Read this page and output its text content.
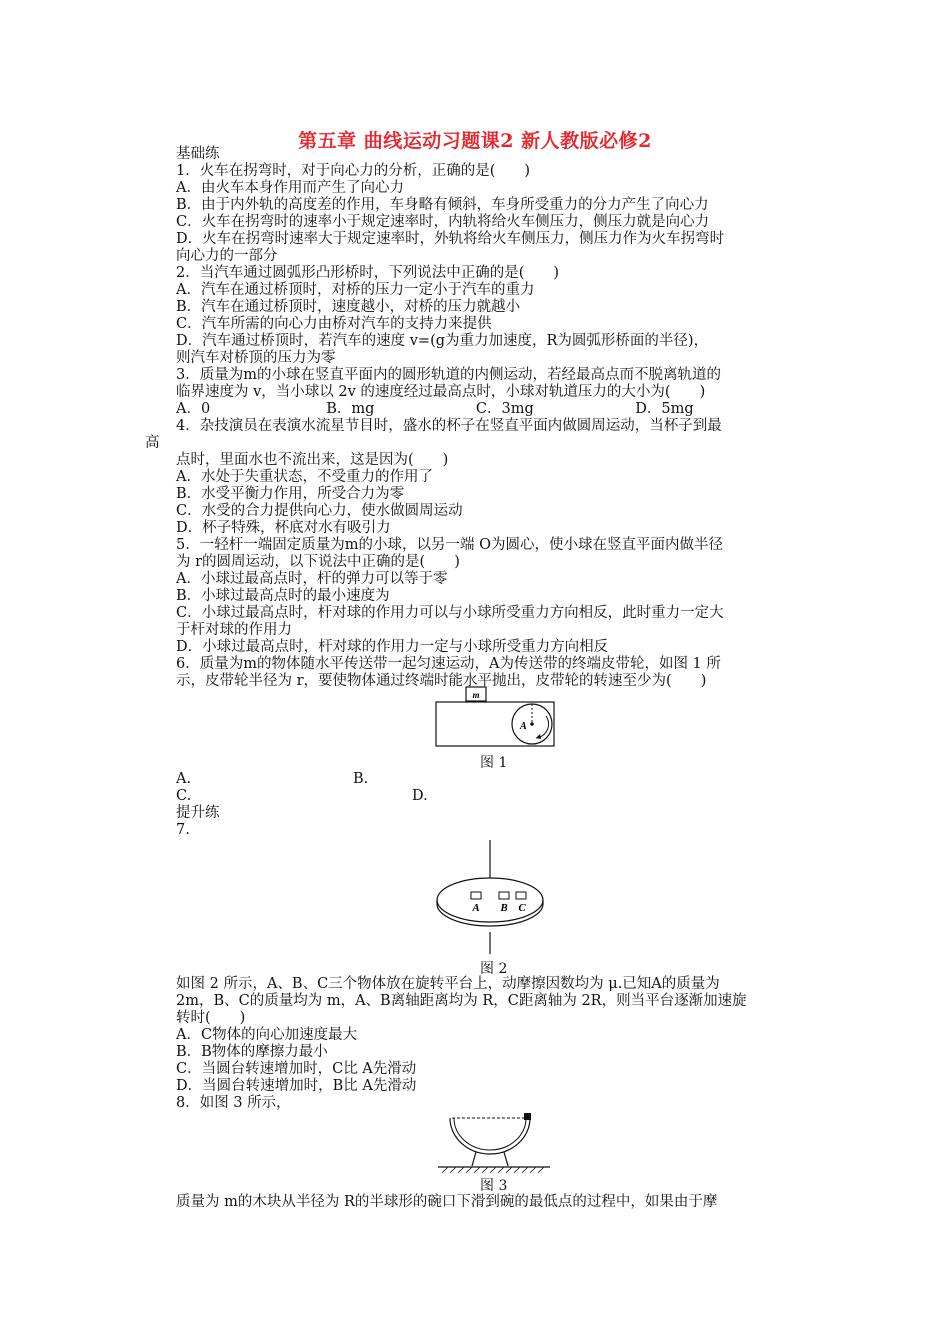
第五章 曲线运动习题课2 新人教版必修2
基础练
1．火车在拐弯时，对于向心力的分析，正确的是(　　)
A．由火车本身作用而产生了向心力
B．由于内外轨的高度差的作用，车身略有倾斜，车身所受重力的分力产生了向心力
C．火车在拐弯时的速率小于规定速率时，内轨将给火车侧压力，侧压力就是向心力
D．火车在拐弯时速率大于规定速率时，外轨将给火车侧压力，侧压力作为火车拐弯时
向心力的一部分
2．当汽车通过圆弧形凸形桥时，下列说法中正确的是(　　)
A．汽车在通过桥顶时，对桥的压力一定小于汽车的重力
B．汽车在通过桥顶时，速度越小，对桥的压力就越小
C．汽车所需的向心力由桥对汽车的支持力来提供
D．汽车通过桥顶时，若汽车的速度 v=(g为重力加速度，R为圆弧形桥面的半径)，
则汽车对桥顶的压力为零
3．质量为m的小球在竖直平面内的圆形轨道的内侧运动，若经最高点而不脱离轨道的
临界速度为 v，当小球以 2v 的速度经过最高点时，小球对轨道压力的大小为(　　)
A．0　　　　　　　　B．mg　　　　　　　C．3mg　　　　　　　D．5mg
4．杂技演员在表演水流星节目时，盛水的杯子在竖直平面内做圆周运动，当杯子到最
高
点时，里面水也不流出来，这是因为(　　)
A．水处于失重状态，不受重力的作用了
B．水受平衡力作用，所受合力为零
C．水受的合力提供向心力，使水做圆周运动
D．杯子特殊，杯底对水有吸引力
5．一轻杆一端固定质量为m的小球，以另一端 O为圆心，使小球在竖直平面内做半径
为 r的圆周运动，以下说法中正确的是(　　)
A．小球过最高点时，杆的弹力可以等于零
B．小球过最高点时的最小速度为
C．小球过最高点时，杆对球的作用力可以与小球所受重力方向相反，此时重力一定大
于杆对球的作用力
D．小球过最高点时，杆对球的作用力一定与小球所受重力方向相反
6．质量为m的物体随水平传送带一起匀速运动，A为传送带的终端皮带轮，如图 1 所
示，皮带轮半径为 r，要使物体通过终端时能水平抛出，皮带轮的转速至少为(　　)
m
A
图 1
A.	B.
C.	D.
提升练
7.
A B C
图 2
如图 2 所示，A、B、C三个物体放在旋转平台上，动摩擦因数均为 μ.已知A的质量为
2m，B、C的质量均为 m，A、B离轴距离均为 R，C距离轴为 2R，则当平台逐渐加速旋
转时(　　)
A．C物体的向心加速度最大
B．B物体的摩擦力最小
C．当圆台转速增加时，C比 A先滑动
D．当圆台转速增加时，B比 A先滑动
8．如图 3 所示，
图 3
质量为 m的木块从半径为 R的半球形的碗口下滑到碗的最低点的过程中，如果由于摩
